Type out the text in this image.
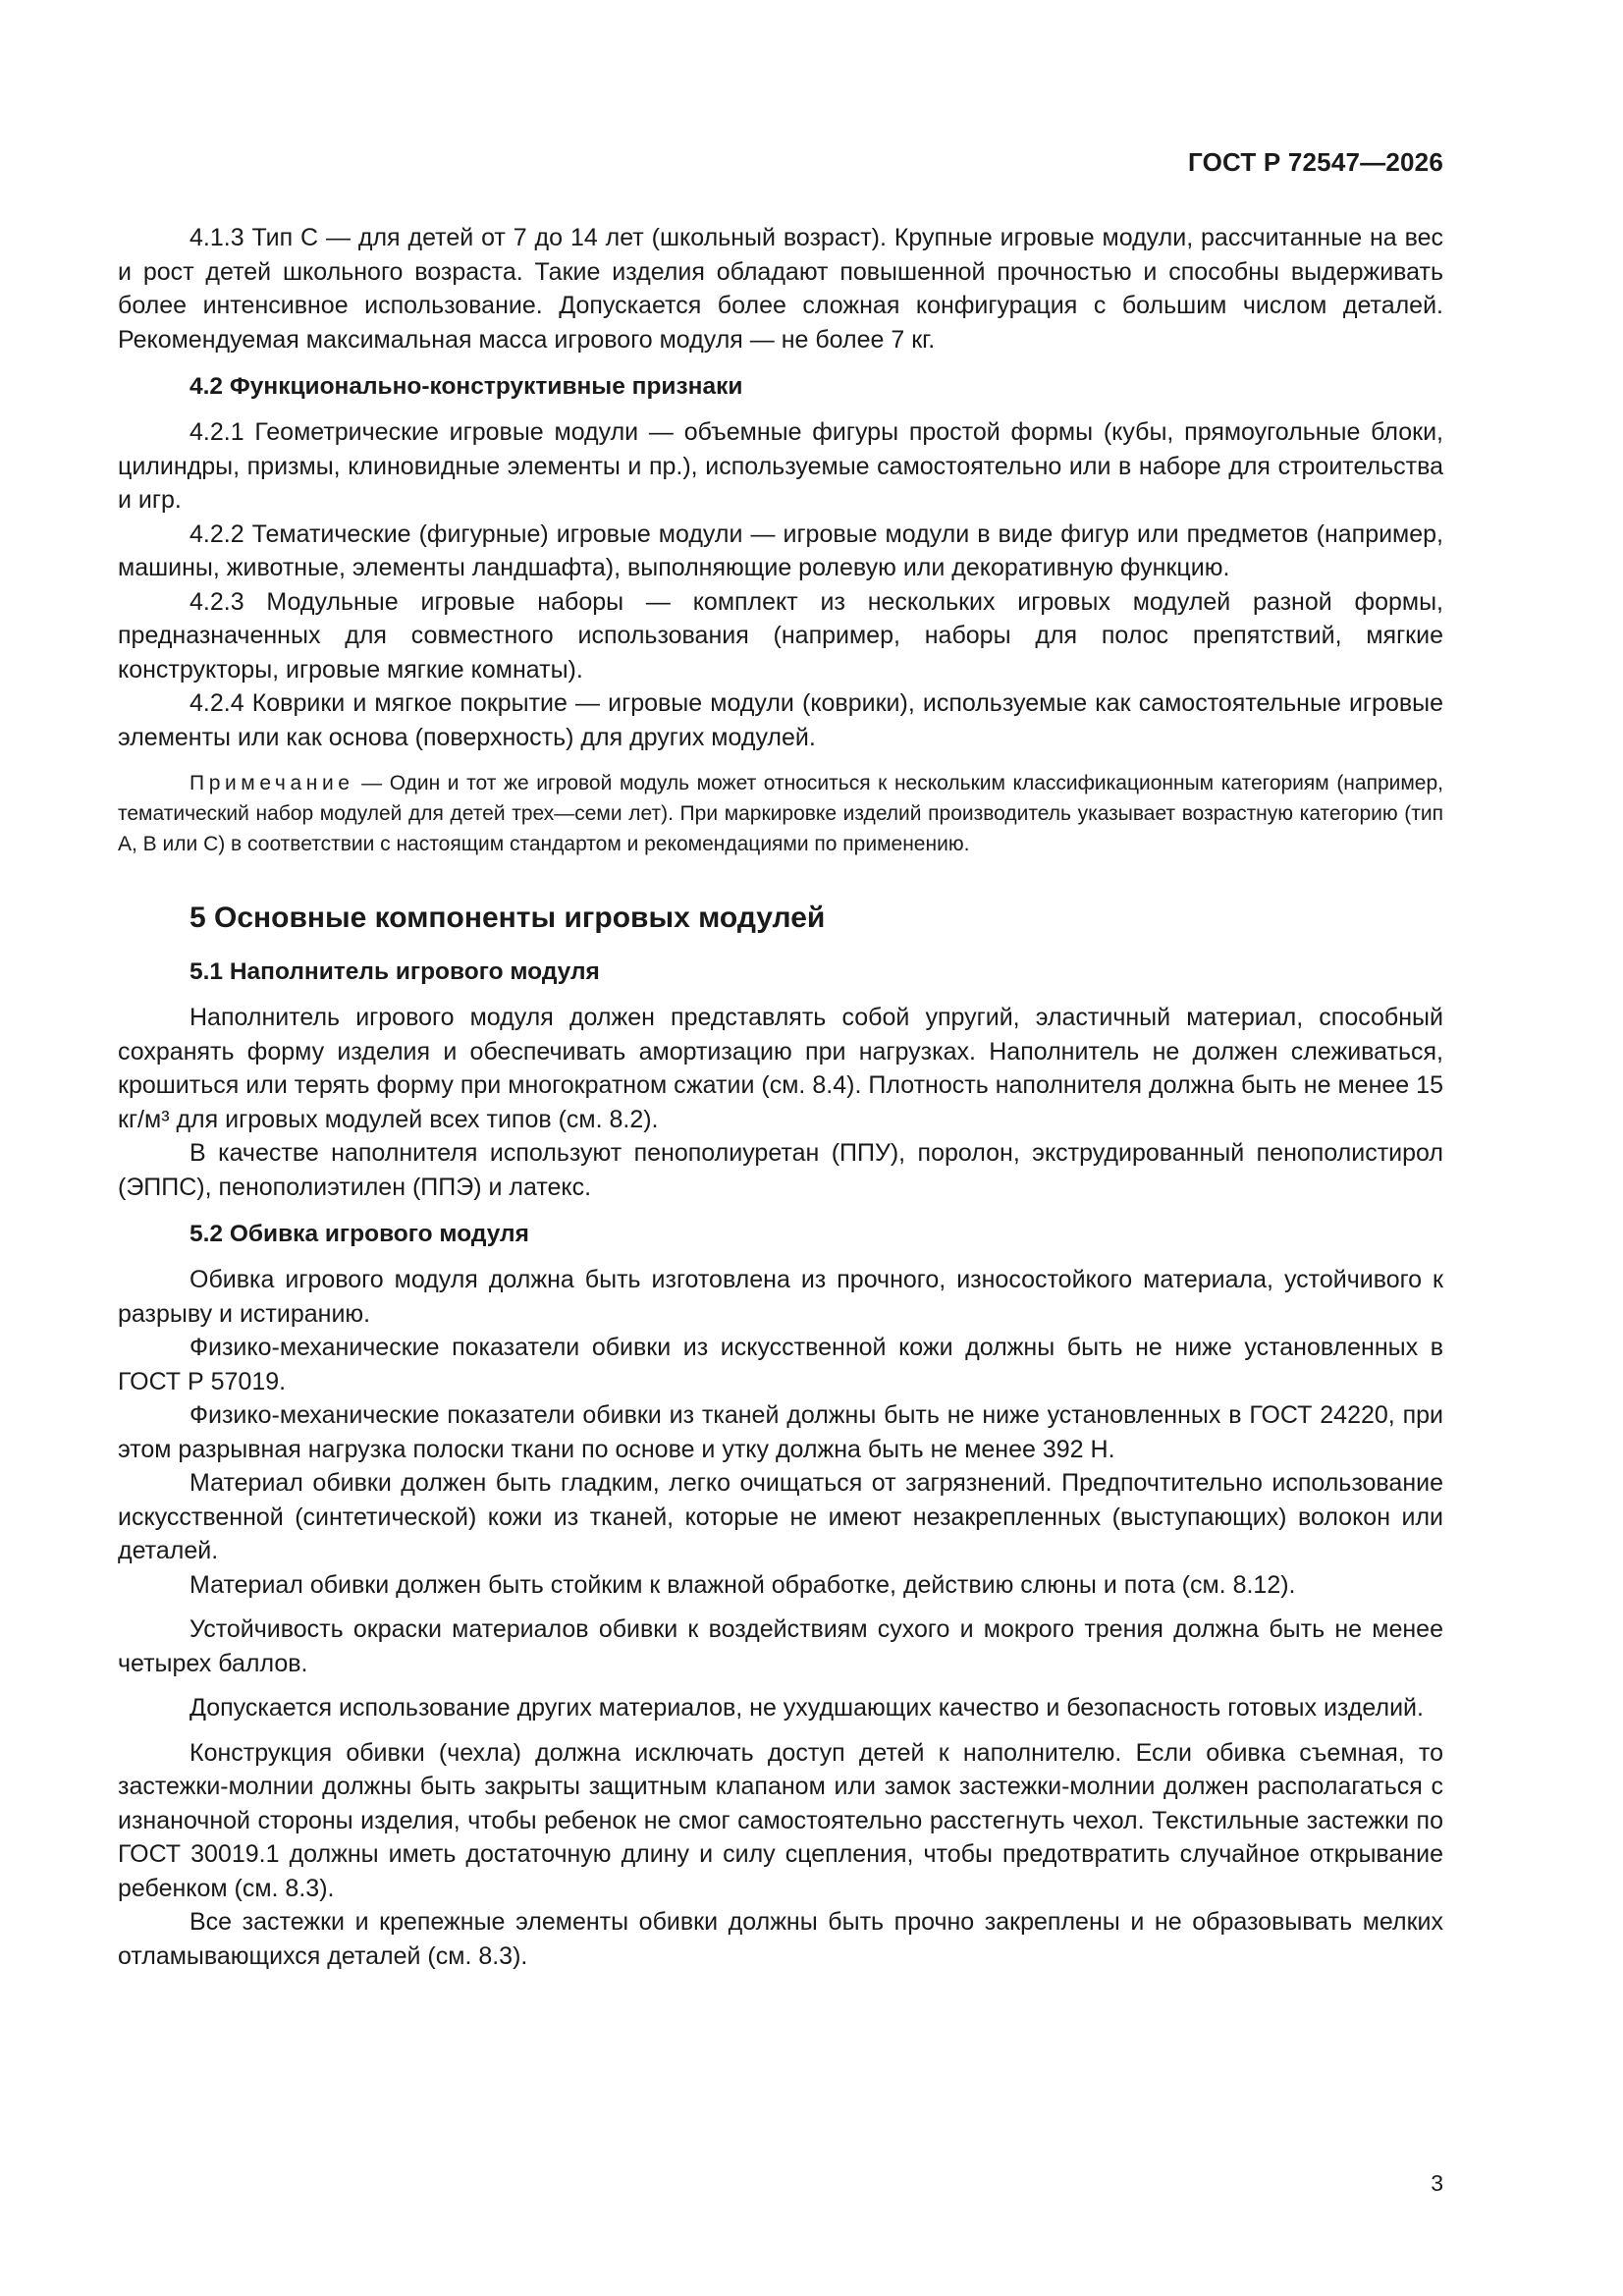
ГОСТ Р 72547—2026

4.1.3 Тип С — для детей от 7 до 14 лет (школьный возраст). Крупные игровые модули, рассчитанные на вес и рост детей школьного возраста. Такие изделия обладают повышенной прочностью и способны выдерживать более интенсивное использование. Допускается более сложная конфигурация с большим числом деталей. Рекомендуемая максимальная масса игрового модуля — не более 7 кг.

4.2 Функционально-конструктивные признаки

4.2.1 Геометрические игровые модули — объемные фигуры простой формы (кубы, прямоугольные блоки, цилиндры, призмы, клиновидные элементы и пр.), используемые самостоятельно или в наборе для строительства и игр.

4.2.2 Тематические (фигурные) игровые модули — игровые модули в виде фигур или предметов (например, машины, животные, элементы ландшафта), выполняющие ролевую или декоративную функцию.

4.2.3 Модульные игровые наборы — комплект из нескольких игровых модулей разной формы, предназначенных для совместного использования (например, наборы для полос препятствий, мягкие конструкторы, игровые мягкие комнаты).

4.2.4 Коврики и мягкое покрытие — игровые модули (коврики), используемые как самостоятельные игровые элементы или как основа (поверхность) для других модулей.

Примечание — Один и тот же игровой модуль может относиться к нескольким классификационным категориям (например, тематический набор модулей для детей трех—семи лет). При маркировке изделий производитель указывает возрастную категорию (тип А, В или С) в соответствии с настоящим стандартом и рекомендациями по применению.

5 Основные компоненты игровых модулей
5.1 Наполнитель игрового модуля

Наполнитель игрового модуля должен представлять собой упругий, эластичный материал, способный сохранять форму изделия и обеспечивать амортизацию при нагрузках. Наполнитель не должен слеживаться, крошиться или терять форму при многократном сжатии (см. 8.4). Плотность наполнителя должна быть не менее 15 кг/м³ для игровых модулей всех типов (см. 8.2).

В качестве наполнителя используют пенополиуретан (ППУ), поролон, экструдированный пенополистирол (ЭППС), пенополиэтилен (ППЭ) и латекс.

5.2 Обивка игрового модуля

Обивка игрового модуля должна быть изготовлена из прочного, износостойкого материала, устойчивого к разрыву и истиранию.

Физико-механические показатели обивки из искусственной кожи должны быть не ниже установленных в ГОСТ Р 57019.

Физико-механические показатели обивки из тканей должны быть не ниже установленных в ГОСТ 24220, при этом разрывная нагрузка полоски ткани по основе и утку должна быть не менее 392 Н.

Материал обивки должен быть гладким, легко очищаться от загрязнений. Предпочтительно использование искусственной (синтетической) кожи из тканей, которые не имеют незакрепленных (выступающих) волокон или деталей.

Материал обивки должен быть стойким к влажной обработке, действию слюны и пота (см. 8.12).

Устойчивость окраски материалов обивки к воздействиям сухого и мокрого трения должна быть не менее четырех баллов.

Допускается использование других материалов, не ухудшающих качество и безопасность готовых изделий.

Конструкция обивки (чехла) должна исключать доступ детей к наполнителю. Если обивка съемная, то застежки-молнии должны быть закрыты защитным клапаном или замок застежки-молнии должен располагаться с изнаночной стороны изделия, чтобы ребенок не смог самостоятельно расстегнуть чехол. Текстильные застежки по ГОСТ 30019.1 должны иметь достаточную длину и силу сцепления, чтобы предотвратить случайное открывание ребенком (см. 8.3).

Все застежки и крепежные элементы обивки должны быть прочно закреплены и не образовывать мелких отламывающихся деталей (см. 8.3).

3
